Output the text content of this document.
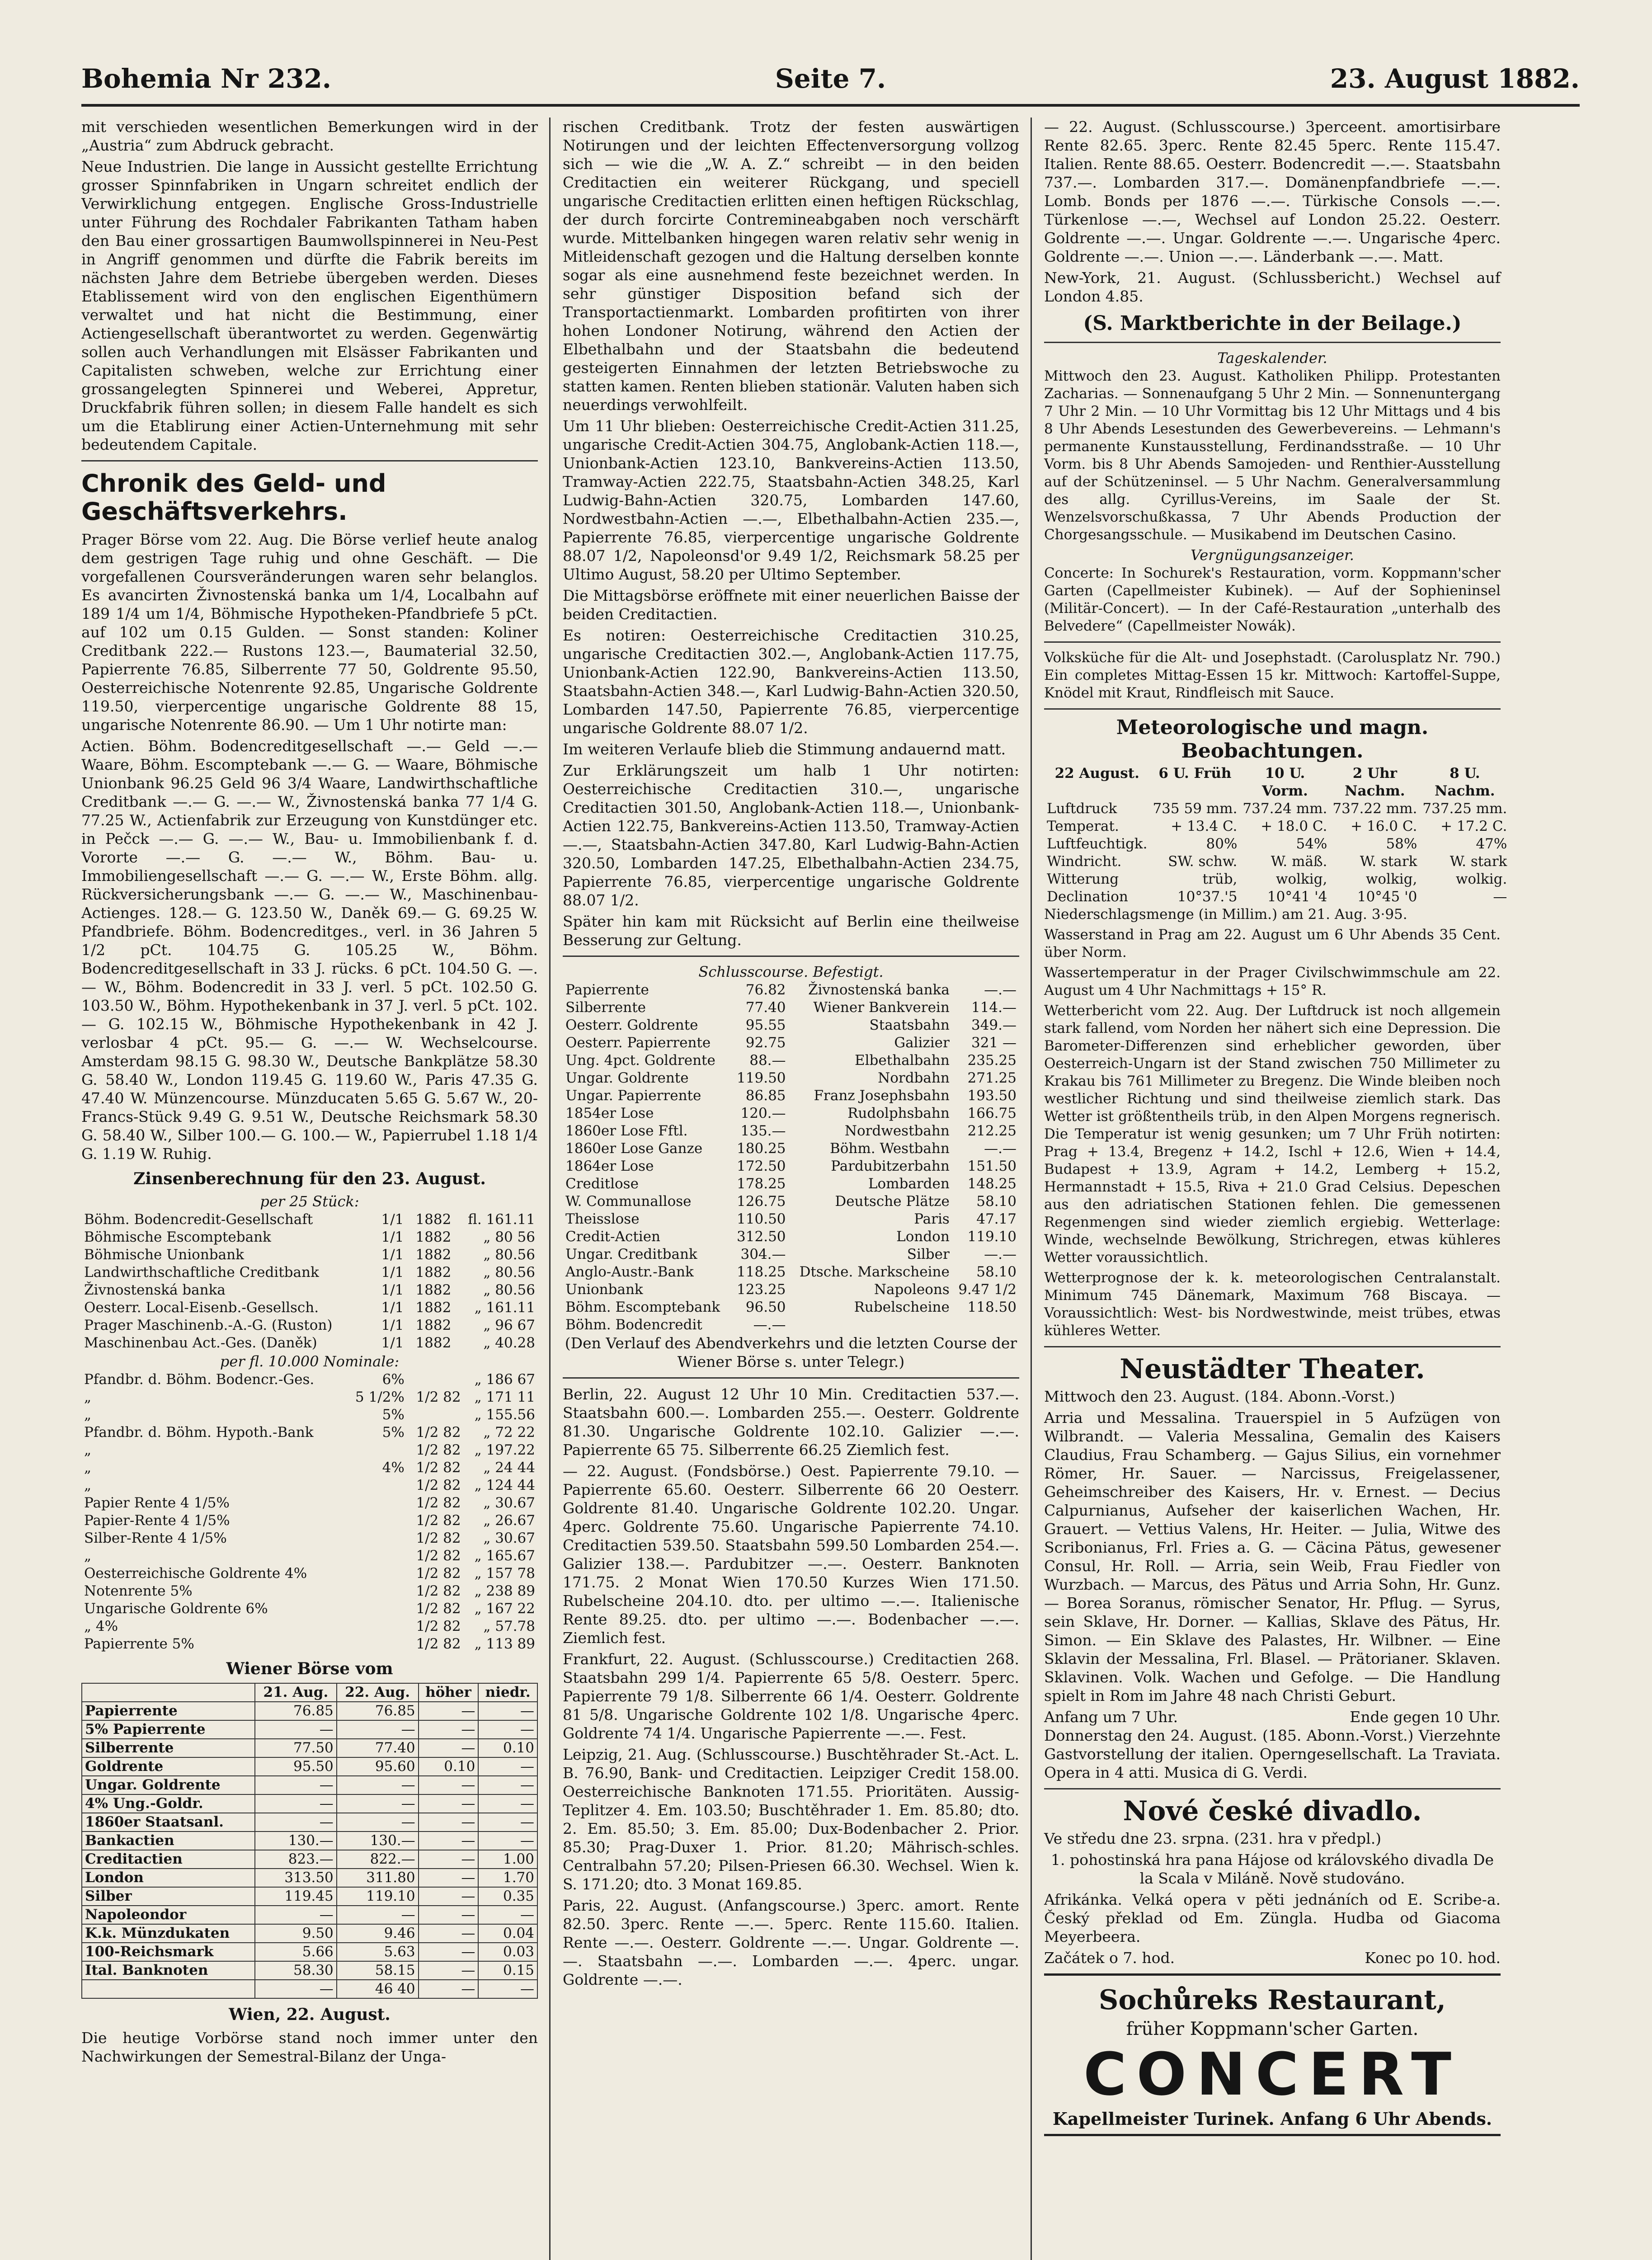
Bohemia Nr 232.	Seite 7.	23. August 1882.

mit verschieden wesentlichen Bemerkungen wird in der „Austria“ zum Abdruck gebracht.

Neue Industrien. Die lange in Aussicht gestellte Errichtung grosser Spinnfabriken in Ungarn schreitet endlich der Verwirklichung entgegen. Englische Gross-Industrielle unter Führung des Rochdaler Fabrikanten Tatham haben den Bau einer grossartigen Baumwollspinnerei in Neu-Pest in Angriff genommen und dürfte die Fabrik bereits im nächsten Jahre dem Betriebe übergeben werden. Dieses Etablissement wird von den englischen Eigenthümern verwaltet und hat nicht die Bestimmung, einer Actiengesellschaft überantwortet zu werden. Gegenwärtig sollen auch Verhandlungen mit Elsässer Fabrikanten und Capitalisten schweben, welche zur Errichtung einer grossangelegten Spinnerei und Weberei, Appretur, Druckfabrik führen sollen; in diesem Falle handelt es sich um die Etablirung einer Actien-Unternehmung mit sehr bedeutendem Capitale.

Chronik des Geld- und Geschäftsverkehrs.

Prager Börse vom 22. Aug. Die Börse verlief heute analog dem gestrigen Tage ruhig und ohne Geschäft. — Die vorgefallenen Coursveränderungen waren sehr belanglos. Es avancirten Živnostenská banka um 1/4, Localbahn auf 189 1/4 um 1/4, Böhmische Hypotheken-Pfandbriefe 5 pCt. auf 102 um 0.15 Gulden. — Sonst standen: Koliner Creditbank 222.— Rustons 123.—, Baumaterial 32.50, Papierrente 76.85, Silberrente 77 50, Goldrente 95.50, Oesterreichische Notenrente 92.85, Ungarische Goldrente 119.50, vierpercentige ungarische Goldrente 88 15, ungarische Notenrente 86.90. — Um 1 Uhr notirte man:

Actien. Böhm. Bodencreditgesellschaft —.— Geld —.— Waare, Böhm. Escomptebank —.— G. — Waare, Böhmische Unionbank 96.25 Geld 96 3/4 Waare, Landwirthschaftliche Creditbank —.— G. —.— W., Živnostenská banka 77 1/4 G. 77.25 W., Actienfabrik zur Erzeugung von Kunstdünger etc. in Pečck —.— G. —.— W., Bau- u. Immobilienbank f. d. Vororte —.— G. —.— W., Böhm. Bau- u. Immobiliengesellschaft —.— G. —.— W., Erste Böhm. allg. Rückversicherungsbank —.— G. —.— W., Maschinenbau-Actienges. 128.— G. 123.50 W., Daněk 69.— G. 69.25 W. Pfandbriefe. Böhm. Bodencreditges., verl. in 36 Jahren 5 1/2 pCt. 104.75 G. 105.25 W., Böhm. Bodencreditgesellschaft in 33 J. rücks. 6 pCt. 104.50 G. —.— W., Böhm. Bodencredit in 33 J. verl. 5 pCt. 102.50 G. 103.50 W., Böhm. Hypothekenbank in 37 J. verl. 5 pCt. 102.— G. 102.15 W., Böhmische Hypothekenbank in 42 J. verlosbar 4 pCt. 95.— G. —.— W. Wechselcourse. Amsterdam 98.15 G. 98.30 W., Deutsche Bankplätze 58.30 G. 58.40 W., London 119.45 G. 119.60 W., Paris 47.35 G. 47.40 W. Münzencourse. Münzducaten 5.65 G. 5.67 W., 20-Francs-Stück 9.49 G. 9.51 W., Deutsche Reichsmark 58.30 G. 58.40 W., Silber 100.— G. 100.— W., Papierrubel 1.18 1/4 G. 1.19 W. Ruhig.

Zinsenberechnung für den 23. August.
per 25 Stück:
Böhm. Bodencredit-Gesellschaft	1/1	1882	fl. 161.11
Böhmische Escomptebank	1/1	1882	„ 80 56
Böhmische Unionbank	1/1	1882	„ 80.56
Landwirthschaftliche Creditbank	1/1	1882	„ 80.56
Živnostenská banka	1/1	1882	„ 80.56
Oesterr. Local-Eisenb.-Gesellsch.	1/1	1882	„ 161.11
Prager Maschinenb.-A.-G. (Ruston)	1/1	1882	„ 96 67
Maschinenbau Act.-Ges. (Daněk)	1/1	1882	„ 40.28
per fl. 10.000 Nominale:
Pfandbr. d. Böhm. Bodencr.-Ges.	6%		„ 186 67
„	5 1/2%	1/2 82	„ 171 11
„	5%		„ 155.56
Pfandbr. d. Böhm. Hypoth.-Bank	5%	1/2 82	„ 72 22
„		1/2 82	„ 197.22
„	4%	1/2 82	„ 24 44
„		1/2 82	„ 124 44
Papier Rente 4 1/5%		1/2 82	„ 30.67
Papier-Rente 4 1/5%		1/2 82	„ 26.67
Silber-Rente 4 1/5%		1/2 82	„ 30.67
„		1/2 82	„ 165.67
Oesterreichische Goldrente 4%		1/2 82	„ 157 78
Notenrente 5%		1/2 82	„ 238 89
Ungarische Goldrente 6%		1/2 82	„ 167 22
„ 4%		1/2 82	„ 57.78
Papierrente 5%		1/2 82	„ 113 89
Wiener Börse vom
	21. Aug.	22. Aug.	höher	niedr.
Papierrente	76.85	76.85	—	—
5% Papierrente	—	—	—	—
Silberrente	77.50	77.40	—	0.10
Goldrente	95.50	95.60	0.10	—
Ungar. Goldrente	—	—	—	—
4% Ung.-Goldr.	—	—	—	—
1860er Staatsanl.	—	—	—	—
Bankactien	130.—	130.—	—	—
Creditactien	823.—	822.—	—	1.00
London	313.50	311.80	—	1.70
Silber	119.45	119.10	—	0.35
Napoleondor	—	—	—	—
K.k. Münzdukaten	9.50	9.46	—	0.04
100-Reichsmark	5.66	5.63	—	0.03
Ital. Banknoten	58.30	58.15	—	0.15
	—	46 40	—	—
Wien, 22. August.

Die heutige Vorbörse stand noch immer unter den Nachwirkungen der Semestral-Bilanz der Unga-

rischen Creditbank. Trotz der festen auswärtigen Notirungen und der leichten Effectenversorgung vollzog sich — wie die „W. A. Z.“ schreibt — in den beiden Creditactien ein weiterer Rückgang, und speciell ungarische Creditactien erlitten einen heftigen Rückschlag, der durch forcirte Contremineabgaben noch verschärft wurde. Mittelbanken hingegen waren relativ sehr wenig in Mitleidenschaft gezogen und die Haltung derselben konnte sogar als eine ausnehmend feste bezeichnet werden. In sehr günstiger Disposition befand sich der Transportactienmarkt. Lombarden profitirten von ihrer hohen Londoner Notirung, während den Actien der Elbethalbahn und der Staatsbahn die bedeutend gesteigerten Einnahmen der letzten Betriebswoche zu statten kamen. Renten blieben stationär. Valuten haben sich neuerdings verwohlfeilt.

Um 11 Uhr blieben: Oesterreichische Credit-Actien 311.25, ungarische Credit-Actien 304.75, Anglobank-Actien 118.—, Unionbank-Actien 123.10, Bankvereins-Actien 113.50, Tramway-Actien 222.75, Staatsbahn-Actien 348.25, Karl Ludwig-Bahn-Actien 320.75, Lombarden 147.60, Nordwestbahn-Actien —.—, Elbethalbahn-Actien 235.—, Papierrente 76.85, vierpercentige ungarische Goldrente 88.07 1/2, Napoleonsd'or 9.49 1/2, Reichsmark 58.25 per Ultimo August, 58.20 per Ultimo September.

Die Mittagsbörse eröffnete mit einer neuerlichen Baisse der beiden Creditactien.

Es notiren: Oesterreichische Creditactien 310.25, ungarische Creditactien 302.—, Anglobank-Actien 117.75, Unionbank-Actien 122.90, Bankvereins-Actien 113.50, Staatsbahn-Actien 348.—, Karl Ludwig-Bahn-Actien 320.50, Lombarden 147.50, Papierrente 76.85, vierpercentige ungarische Goldrente 88.07 1/2.

Im weiteren Verlaufe blieb die Stimmung andauernd matt.

Zur Erklärungszeit um halb 1 Uhr notirten: Oesterreichische Creditactien 310.—, ungarische Creditactien 301.50, Anglobank-Actien 118.—, Unionbank-Actien 122.75, Bankvereins-Actien 113.50, Tramway-Actien —.—, Staatsbahn-Actien 347.80, Karl Ludwig-Bahn-Actien 320.50, Lombarden 147.25, Elbethalbahn-Actien 234.75, Papierrente 76.85, vierpercentige ungarische Goldrente 88.07 1/2.

Später hin kam mit Rücksicht auf Berlin eine theilweise Besserung zur Geltung.

Schlusscourse. Befestigt.
Papierrente	76.82	Živnostenská banka	—.—
Silberrente	77.40	Wiener Bankverein	114.—
Oesterr. Goldrente	95.55	Staatsbahn	349.—
Oesterr. Papierrente	92.75	Galizier	321 —
Ung. 4pct. Goldrente	88.—	Elbethalbahn	235.25
Ungar. Goldrente	119.50	Nordbahn	271.25
Ungar. Papierrente	86.85	Franz Josephsbahn	193.50
1854er Lose	120.—	Rudolphsbahn	166.75
1860er Lose Fftl.	135.—	Nordwestbahn	212.25
1860er Lose Ganze	180.25	Böhm. Westbahn	—.—
1864er Lose	172.50	Pardubitzerbahn	151.50
Creditlose	178.25	Lombarden	148.25
W. Communallose	126.75	Deutsche Plätze	58.10
Theisslose	110.50	Paris	47.17
Credit-Actien	312.50	London	119.10
Ungar. Creditbank	304.—	Silber	—.—
Anglo-Austr.-Bank	118.25	Dtsche. Markscheine	58.10
Unionbank	123.25	Napoleons	9.47 1/2
Böhm. Escomptebank	96.50	Rubelscheine	118.50
Böhm. Bodencredit	—.—		

(Den Verlauf des Abendverkehrs und die letzten Course der Wiener Börse s. unter Telegr.)

Berlin, 22. August 12 Uhr 10 Min. Creditactien 537.—. Staatsbahn 600.—. Lombarden 255.—. Oesterr. Goldrente 81.30. Ungarische Goldrente 102.10. Galizier —.—. Papierrente 65 75. Silberrente 66.25 Ziemlich fest.

— 22. August. (Fondsbörse.) Oest. Papierrente 79.10. — Papierrente 65.60. Oesterr. Silberrente 66 20 Oesterr. Goldrente 81.40. Ungarische Goldrente 102.20. Ungar. 4perc. Goldrente 75.60. Ungarische Papierrente 74.10. Creditactien 539.50. Staatsbahn 599.50 Lombarden 254.—. Galizier 138.—. Pardubitzer —.—. Oesterr. Banknoten 171.75. 2 Monat Wien 170.50 Kurzes Wien 171.50. Rubelscheine 204.10. dto. per ultimo —.—. Italienische Rente 89.25. dto. per ultimo —.—. Bodenbacher —.—. Ziemlich fest.

Frankfurt, 22. August. (Schlusscourse.) Creditactien 268. Staatsbahn 299 1/4. Papierrente 65 5/8. Oesterr. 5perc. Papierrente 79 1/8. Silberrente 66 1/4. Oesterr. Goldrente 81 5/8. Ungarische Goldrente 102 1/8. Ungarische 4perc. Goldrente 74 1/4. Ungarische Papierrente —.—. Fest.

Leipzig, 21. Aug. (Schlusscourse.) Buschtěhrader St.-Act. L. B. 76.90, Bank- und Creditactien. Leipziger Credit 158.00. Oesterreichische Banknoten 171.55. Prioritäten. Aussig-Teplitzer 4. Em. 103.50; Buschtěhrader 1. Em. 85.80; dto. 2. Em. 85.50; 3. Em. 85.00; Dux-Bodenbacher 2. Prior. 85.30; Prag-Duxer 1. Prior. 81.20; Mährisch-schles. Centralbahn 57.20; Pilsen-Priesen 66.30. Wechsel. Wien k. S. 171.20; dto. 3 Monat 169.85.

Paris, 22. August. (Anfangscourse.) 3perc. amort. Rente 82.50. 3perc. Rente —.—. 5perc. Rente 115.60. Italien. Rente —.—. Oesterr. Goldrente —.—. Ungar. Goldrente —.—. Staatsbahn —.—. Lombarden —.—. 4perc. ungar. Goldrente —.—.

— 22. August. (Schlusscourse.) 3perceent. amortisirbare Rente 82.65. 3perc. Rente 82.45 5perc. Rente 115.47. Italien. Rente 88.65. Oesterr. Bodencredit —.—. Staatsbahn 737.—. Lombarden 317.—. Domänenpfandbriefe —.—. Lomb. Bonds per 1876 —.—. Türkische Consols —.—. Türkenlose —.—, Wechsel auf London 25.22. Oesterr. Goldrente —.—. Ungar. Goldrente —.—. Ungarische 4perc. Goldrente —.—. Union —.—. Länderbank —.—. Matt.

New-York, 21. August. (Schlussbericht.) Wechsel auf London 4.85.

(S. Marktberichte in der Beilage.)
Tageskalender.

Mittwoch den 23. August. Katholiken Philipp. Protestanten Zacharias. — Sonnenaufgang 5 Uhr 2 Min. — Sonnenuntergang 7 Uhr 2 Min. — 10 Uhr Vormittag bis 12 Uhr Mittags und 4 bis 8 Uhr Abends Lesestunden des Gewerbevereins. — Lehmann's permanente Kunstausstellung, Ferdinandsstraße. — 10 Uhr Vorm. bis 8 Uhr Abends Samojeden- und Renthier-Ausstellung auf der Schützeninsel. — 5 Uhr Nachm. Generalversammlung des allg. Cyrillus-Vereins, im Saale der St. Wenzelsvorschußkassa, 7 Uhr Abends Production der Chorgesangsschule. — Musikabend im Deutschen Casino.

Vergnügungsanzeiger.

Concerte: In Sochurek's Restauration, vorm. Koppmann'scher Garten (Capellmeister Kubinek). — Auf der Sophieninsel (Militär-Concert). — In der Café-Restauration „unterhalb des Belvedere“ (Capellmeister Nowák).

Volksküche für die Alt- und Josephstadt. (Carolusplatz Nr. 790.) Ein completes Mittag-Essen 15 kr. Mittwoch: Kartoffel-Suppe, Knödel mit Kraut, Rindfleisch mit Sauce.

Meteorologische und magn. Beobachtungen.
22 August.	6 U. Früh	10 U. Vorm.	2 Uhr Nachm.	8 U. Nachm.
Luftdruck	735 59 mm.	737.24 mm.	737.22 mm.	737.25 mm.
Temperat.	+ 13.4 C.	+ 18.0 C.	+ 16.0 C.	+ 17.2 C.
Luftfeuchtigk.	80%	54%	58%	47%
Windricht.	SW. schw.	W. mäß.	W. stark	W. stark
Witterung	trüb,	wolkig,	wolkig,	wolkig.
Declination	10°37.'5	10°41 '4	10°45 '0	—

Niederschlagsmenge (in Millim.) am 21. Aug. 3·95.

Wasserstand in Prag am 22. August um 6 Uhr Abends 35 Cent. über Norm.

Wassertemperatur in der Prager Civilschwimmschule am 22. August um 4 Uhr Nachmittags + 15° R.

Wetterbericht vom 22. Aug. Der Luftdruck ist noch allgemein stark fallend, vom Norden her nähert sich eine Depression. Die Barometer-Differenzen sind erheblicher geworden, über Oesterreich-Ungarn ist der Stand zwischen 750 Millimeter zu Krakau bis 761 Millimeter zu Bregenz. Die Winde bleiben noch westlicher Richtung und sind theilweise ziemlich stark. Das Wetter ist größtentheils trüb, in den Alpen Morgens regnerisch. Die Temperatur ist wenig gesunken; um 7 Uhr Früh notirten: Prag + 13.4, Bregenz + 14.2, Ischl + 12.6, Wien + 14.4, Budapest + 13.9, Agram + 14.2, Lemberg + 15.2, Hermannstadt + 15.5, Riva + 21.0 Grad Celsius. Depeschen aus den adriatischen Stationen fehlen. Die gemessenen Regenmengen sind wieder ziemlich ergiebig. Wetterlage: Winde, wechselnde Bewölkung, Strichregen, etwas kühleres Wetter voraussichtlich.

Wetterprognose der k. k. meteorologischen Centralanstalt. Minimum 745 Dänemark, Maximum 768 Biscaya. — Voraussichtlich: West- bis Nordwestwinde, meist trübes, etwas kühleres Wetter.

Neustädter Theater.

Mittwoch den 23. August. (184. Abonn.-Vorst.)

Arria und Messalina. Trauerspiel in 5 Aufzügen von Wilbrandt. — Valeria Messalina, Gemalin des Kaisers Claudius, Frau Schamberg. — Gajus Silius, ein vornehmer Römer, Hr. Sauer. — Narcissus, Freigelassener, Geheimschreiber des Kaisers, Hr. v. Ernest. — Decius Calpurnianus, Aufseher der kaiserlichen Wachen, Hr. Grauert. — Vettius Valens, Hr. Heiter. — Julia, Witwe des Scribonianus, Frl. Fries a. G. — Cäcina Pätus, gewesener Consul, Hr. Roll. — Arria, sein Weib, Frau Fiedler von Wurzbach. — Marcus, des Pätus und Arria Sohn, Hr. Gunz. — Borea Soranus, römischer Senator, Hr. Pflug. — Syrus, sein Sklave, Hr. Dorner. — Kallias, Sklave des Pätus, Hr. Simon. — Ein Sklave des Palastes, Hr. Wilbner. — Eine Sklavin der Messalina, Frl. Blasel. — Prätorianer. Sklaven. Sklavinen. Volk. Wachen und Gefolge. — Die Handlung spielt in Rom im Jahre 48 nach Christi Geburt.

Anfang um 7 Uhr.	Ende gegen 10 Uhr.

Donnerstag den 24. August. (185. Abonn.-Vorst.) Vierzehnte Gastvorstellung der italien. Operngesellschaft. La Traviata. Opera in 4 atti. Musica di G. Verdi.

Nové české divadlo.

Ve středu dne 23. srpna. (231. hra v předpl.)

1. pohostinská hra pana Hájose od královského divadla De la Scala v Miláně. Nově studováno.

Afrikánka. Velká opera v pěti jednáních od E. Scribe-a. Český překlad od Em. Züngla. Hudba od Giacoma Meyerbeera.

Začátek o 7. hod.	Konec po 10. hod.
Sochůreks Restaurant,
früher Koppmann'scher Garten.
CONCERT
Kapellmeister Turinek. Anfang 6 Uhr Abends.
